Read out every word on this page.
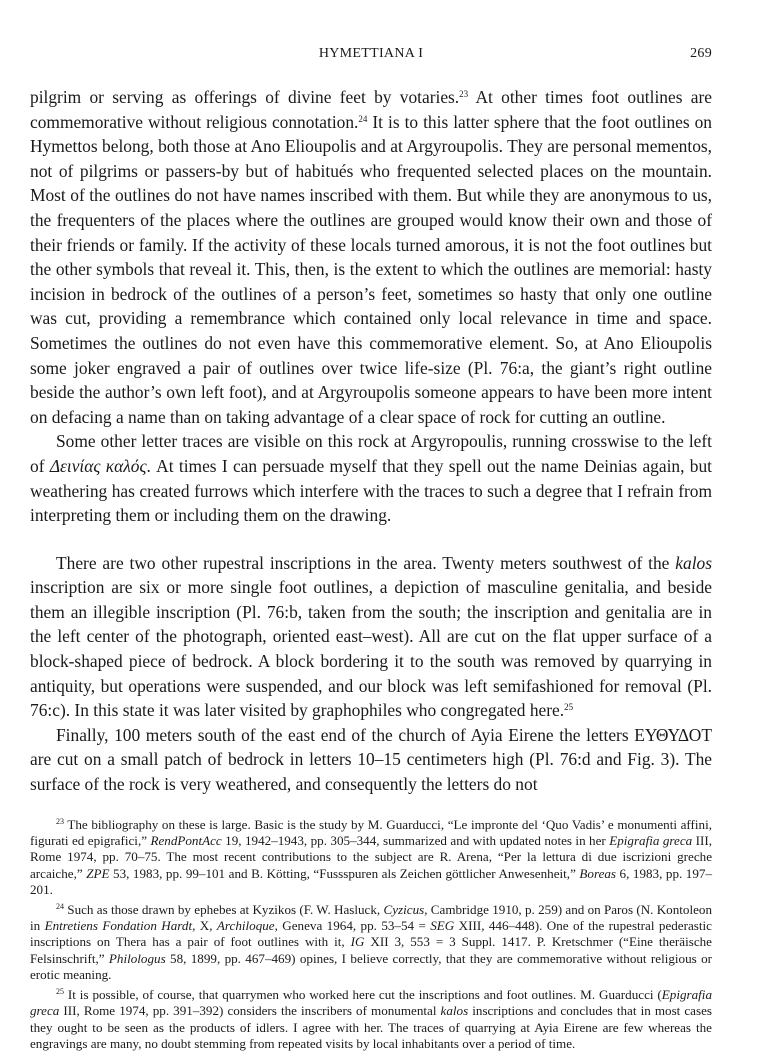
HYMETTIANA I	269

pilgrim or serving as offerings of divine feet by votaries.$^{23}$ At other times foot outlines are commemorative without religious connotation.$^{24}$ It is to this latter sphere that the foot outlines on Hymettos belong, both those at Ano Elioupolis and at Argyroupolis. They are personal mementos, not of pilgrims or passers-by but of habitués who frequented selected places on the mountain. Most of the outlines do not have names inscribed with them. But while they are anonymous to us, the frequenters of the places where the outlines are grouped would know their own and those of their friends or family. If the activity of these locals turned amorous, it is not the foot outlines but the other symbols that reveal it. This, then, is the extent to which the outlines are memorial: hasty incision in bedrock of the outlines of a person’s feet, sometimes so hasty that only one outline was cut, providing a remembrance which contained only local relevance in time and space. Sometimes the outlines do not even have this commemorative element. So, at Ano Elioupolis some joker engraved a pair of outlines over twice life-size (Pl. 76:a, the giant’s right outline beside the author’s own left foot), and at Argyroupolis someone appears to have been more intent on defacing a name than on taking advantage of a clear space of rock for cutting an outline.

Some other letter traces are visible on this rock at Argyropoulis, running crosswise to the left of Δεινίας καλός. At times I can persuade myself that they spell out the name Deinias again, but weathering has created furrows which interfere with the traces to such a degree that I refrain from interpreting them or including them on the drawing.

There are two other rupestral inscriptions in the area. Twenty meters southwest of the kalos inscription are six or more single foot outlines, a depiction of masculine genitalia, and beside them an illegible inscription (Pl. 76:b, taken from the south; the inscription and genitalia are in the left center of the photograph, oriented east–west). All are cut on the flat upper surface of a block-shaped piece of bedrock. A block bordering it to the south was removed by quarrying in antiquity, but operations were suspended, and our block was left semifashioned for removal (Pl. 76:c). In this state it was later visited by graphophiles who congregated here.$^{25}$

Finally, 100 meters south of the east end of the church of Ayia Eirene the letters ΕΥΘΥΔΟΤ are cut on a small patch of bedrock in letters 10–15 centimeters high (Pl. 76:d and Fig. 3). The surface of the rock is very weathered, and consequently the letters do not

$^{23}$ The bibliography on these is large. Basic is the study by M. Guarducci, “Le impronte del ‘Quo Vadis’ e monumenti affini, figurati ed epigrafici,” RendPontAcc 19, 1942–1943, pp. 305–344, summarized and with updated notes in her Epigrafia greca III, Rome 1974, pp. 70–75. The most recent contributions to the subject are R. Arena, “Per la lettura di due iscrizioni greche arcaiche,” ZPE 53, 1983, pp. 99–101 and B. Kötting, “Fussspuren als Zeichen göttlicher Anwesenheit,” Boreas 6, 1983, pp. 197–201.

$^{24}$ Such as those drawn by ephebes at Kyzikos (F. W. Hasluck, Cyzicus, Cambridge 1910, p. 259) and on Paros (N. Kontoleon in Entretiens Fondation Hardt, X, Archiloque, Geneva 1964, pp. 53–54 = SEG XIII, 446–448). One of the rupestral pederastic inscriptions on Thera has a pair of foot outlines with it, IG XII 3, 553 = 3 Suppl. 1417. P. Kretschmer (“Eine theräische Felsinschrift,” Philologus 58, 1899, pp. 467–469) opines, I believe correctly, that they are commemorative without religious or erotic meaning.

$^{25}$ It is possible, of course, that quarrymen who worked here cut the inscriptions and foot outlines. M. Guarducci (Epigrafia greca III, Rome 1974, pp. 391–392) considers the inscribers of monumental kalos inscriptions and concludes that in most cases they ought to be seen as the products of idlers. I agree with her. The traces of quarrying at Ayia Eirene are few whereas the engravings are many, no doubt stemming from repeated visits by local inhabitants over a period of time.
